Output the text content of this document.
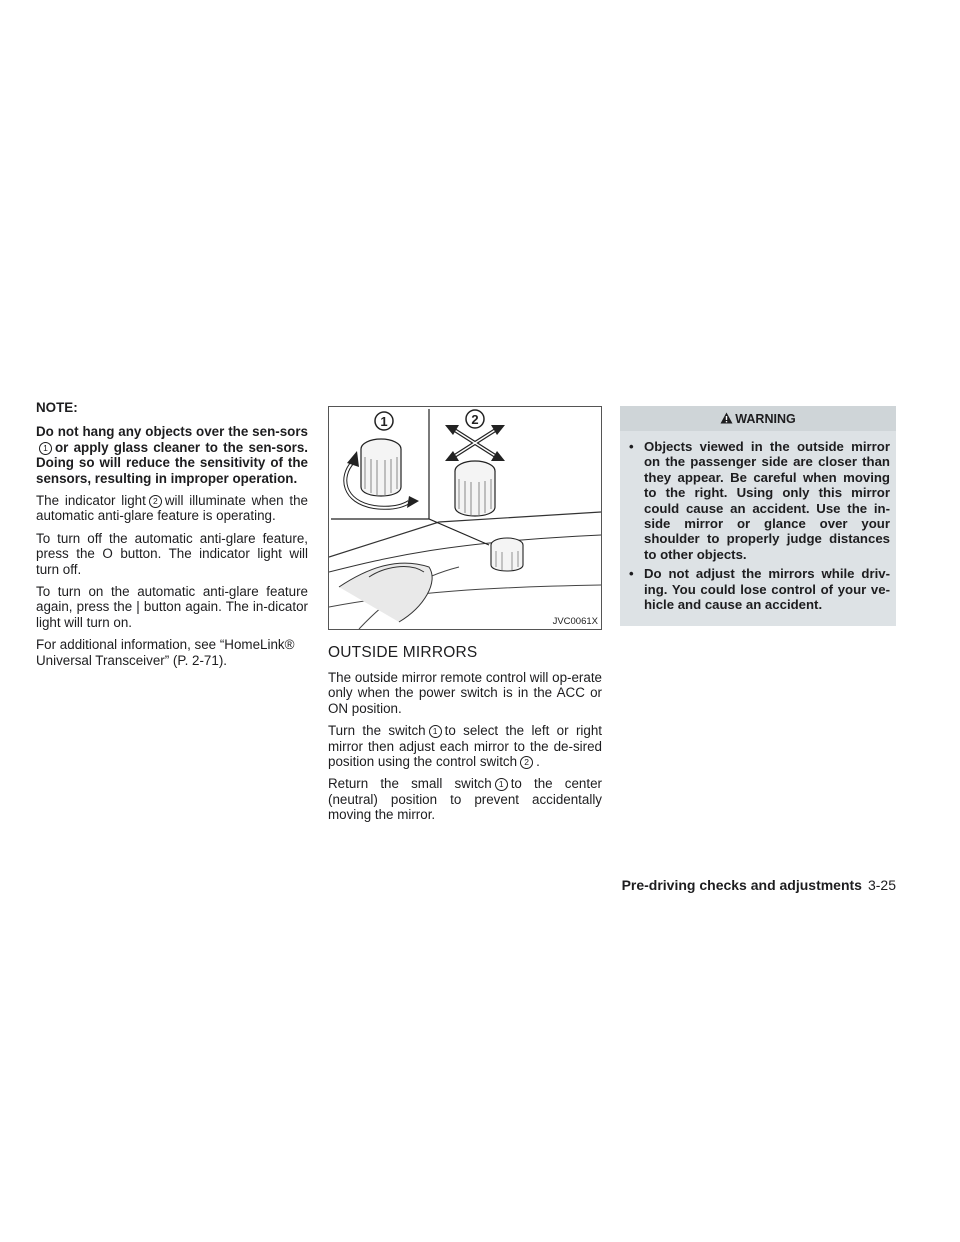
NOTE:

Do not hang any objects over the sen-sors1 or apply glass cleaner to the sen-sors. Doing so will reduce the sensitivity of the sensors, resulting in improper operation.

The indicator light 2 will illuminate when the automatic anti-glare feature is operating.

To turn off the automatic anti-glare feature, press the O button. The indicator light will turn off.

To turn on the automatic anti-glare feature again, press the | button again. The in-dicator light will turn on.

For additional information, see “HomeLink® Universal Transceiver” (P. 2-71).

1	2
JVC0061X
OUTSIDE MIRRORS

The outside mirror remote control will op-erate only when the power switch is in the ACC or ON position.

Turn the switch 1 to select the left or right mirror then adjust each mirror to the de-sired position using the control switch 2 .

Return the small switch 1 to the center (neutral) position to prevent accidentally moving the mirror.

WARNING
• Objects viewed in the outside mirror on the passenger side are closer than they appear. Be careful when moving to the right. Using only this mirror could cause an accident. Use the in-side mirror or glance over your shoulder to properly judge distances to other objects.
• Do not adjust the mirrors while driv-ing. You could lose control of your ve-hicle and cause an accident.
Pre-driving checks and adjustments 3-25
